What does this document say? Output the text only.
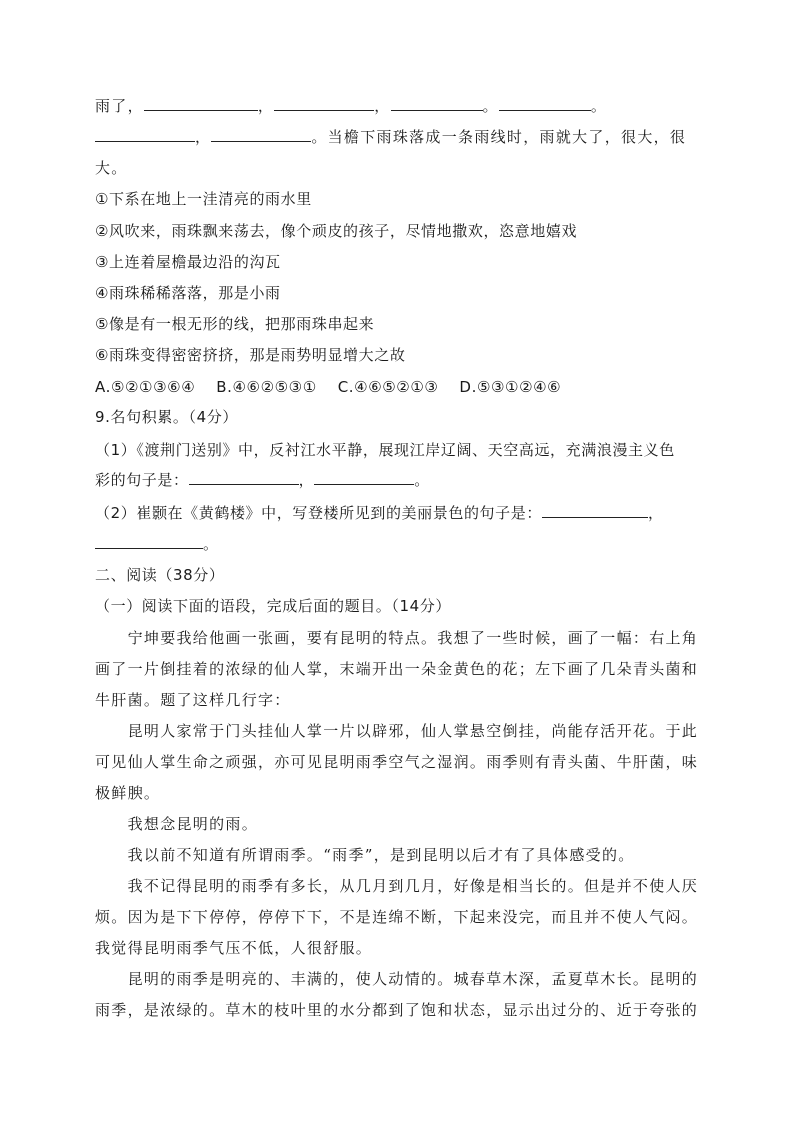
雨了，	，	，	。	。
，	。当檐下雨珠落成一条雨线时，雨就大了，很大，很
大。
①下系在地上一洼清亮的雨水里
②风吹来，雨珠飘来荡去，像个顽皮的孩子，尽情地撒欢，恣意地嬉戏
③上连着屋檐最边沿的沟瓦
④雨珠稀稀落落，那是小雨
⑤像是有一根无形的线，把那雨珠串起来
⑥雨珠变得密密挤挤，那是雨势明显增大之故
A.⑤②①③⑥④　 B.④⑥②⑤③①　 C.④⑥⑤②①③　 D.⑤③①②④⑥
9.名句积累。（4分）
（1）《渡荆门送别》中，反衬江水平静，展现江岸辽阔、天空高远，充满浪漫主义色
彩的句子是：	，	。
（2）崔颢在《黄鹤楼》中，写登楼所见到的美丽景色的句子是：	，
。
二、阅读（38分）
（一）阅读下面的语段，完成后面的题目。（14分）
　　宁坤要我给他画一张画，要有昆明的特点。我想了一些时候，画了一幅：右上角
画了一片倒挂着的浓绿的仙人掌，末端开出一朵金黄色的花；左下画了几朵青头菌和
牛肝菌。题了这样几行字：
　　昆明人家常于门头挂仙人掌一片以辟邪，仙人掌悬空倒挂，尚能存活开花。于此
可见仙人掌生命之顽强，亦可见昆明雨季空气之湿润。雨季则有青头菌、牛肝菌，味
极鲜腴。
　　我想念昆明的雨。
　　我以前不知道有所谓雨季。“雨季”，是到昆明以后才有了具体感受的。
　　我不记得昆明的雨季有多长，从几月到几月，好像是相当长的。但是并不使人厌
烦。因为是下下停停，停停下下，不是连绵不断，下起来没完，而且并不使人气闷。
我觉得昆明雨季气压不低，人很舒服。
　　昆明的雨季是明亮的、丰满的，使人动情的。城春草木深，孟夏草木长。昆明的
雨季，是浓绿的。草木的枝叶里的水分都到了饱和状态，显示出过分的、近于夸张的
